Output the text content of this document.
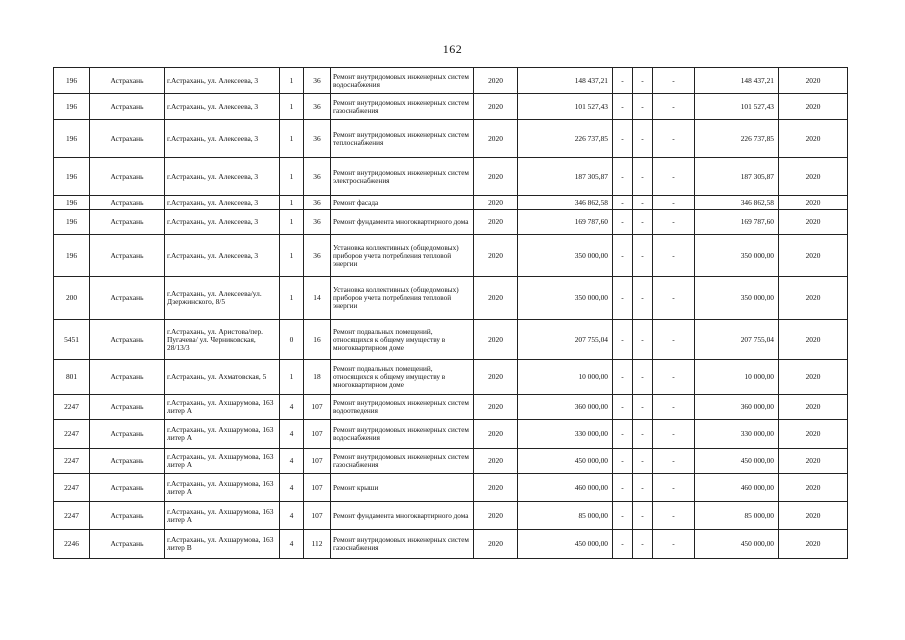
162
196	Астрахань	г.Астрахань, ул. Алексеева, 3	1	36	Ремонт внутридомовых инженерных систем водоснабжения	2020	148 437,21	-	-	-	148 437,21	2020
196	Астрахань	г.Астрахань, ул. Алексеева, 3	1	36	Ремонт внутридомовых инженерных систем газоснабжения	2020	101 527,43	-	-	-	101 527,43	2020
196	Астрахань	г.Астрахань, ул. Алексеева, 3	1	36	Ремонт внутридомовых инженерных систем теплоснабжения	2020	226 737,85	-	-	-	226 737,85	2020
196	Астрахань	г.Астрахань, ул. Алексеева, 3	1	36	Ремонт внутридомовых инженерных систем электроснабжения	2020	187 305,87	-	-	-	187 305,87	2020
196	Астрахань	г.Астрахань, ул. Алексеева, 3	1	36	Ремонт фасада	2020	346 862,58	-	-	-	346 862,58	2020
196	Астрахань	г.Астрахань, ул. Алексеева, 3	1	36	Ремонт фундамента многоквартирного дома	2020	169 787,60	-	-	-	169 787,60	2020
196	Астрахань	г.Астрахань, ул. Алексеева, 3	1	36	Установка коллективных (общедомовых) приборов учета потребления тепловой энергии	2020	350 000,00	-	-	-	350 000,00	2020
200	Астрахань	г.Астрахань, ул. Алексеева/ул. Дзержинского, 8/5	1	14	Установка коллективных (общедомовых) приборов учета потребления тепловой энергии	2020	350 000,00	-	-	-	350 000,00	2020
5451	Астрахань	г.Астрахань, ул. Аристова/пер. Пугачева/ ул. Черниковская, 28/13/3	0	16	Ремонт подвальных помещений, относящихся к общему имуществу в многоквартирном доме	2020	207 755,04	-	-	-	207 755,04	2020
801	Астрахань	г.Астрахань, ул. Ахматовская, 5	1	18	Ремонт подвальных помещений, относящихся к общему имуществу в многоквартирном доме	2020	10 000,00	-	-	-	10 000,00	2020
2247	Астрахань	г.Астрахань, ул. Ахшарумова, 163 литер А	4	107	Ремонт внутридомовых инженерных систем водоотведения	2020	360 000,00	-	-	-	360 000,00	2020
2247	Астрахань	г.Астрахань, ул. Ахшарумова, 163 литер А	4	107	Ремонт внутридомовых инженерных систем водоснабжения	2020	330 000,00	-	-	-	330 000,00	2020
2247	Астрахань	г.Астрахань, ул. Ахшарумова, 163 литер А	4	107	Ремонт внутридомовых инженерных систем газоснабжения	2020	450 000,00	-	-	-	450 000,00	2020
2247	Астрахань	г.Астрахань, ул. Ахшарумова, 163 литер А	4	107	Ремонт крыши	2020	460 000,00	-	-	-	460 000,00	2020
2247	Астрахань	г.Астрахань, ул. Ахшарумова, 163 литер А	4	107	Ремонт фундамента многоквартирного дома	2020	85 000,00	-	-	-	85 000,00	2020
2246	Астрахань	г.Астрахань, ул. Ахшарумова, 163 литер В	4	112	Ремонт внутридомовых инженерных систем газоснабжения	2020	450 000,00	-	-	-	450 000,00	2020
